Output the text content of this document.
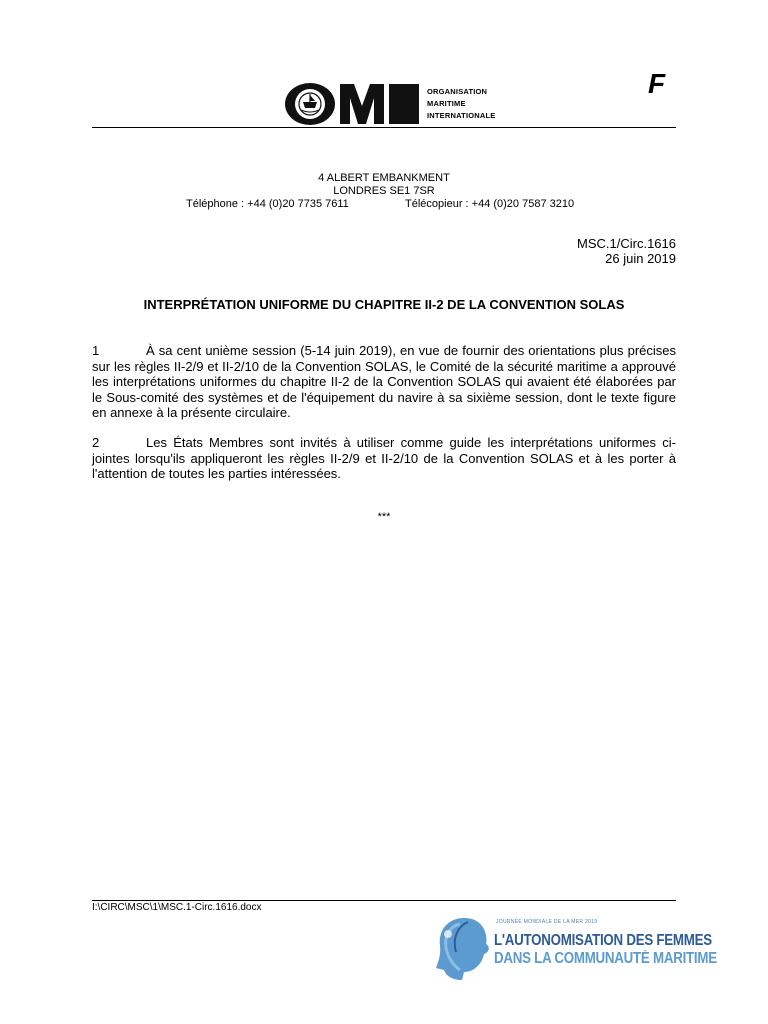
ORGANISATION
MARITIME
INTERNATIONALE
F
4 ALBERT EMBANKMENT
LONDRES SE1 7SR
Téléphone : +44 (0)20 7735 7611	Télécopieur : +44 (0)20 7587 3210
MSC.1/Circ.1616
26 juin 2019
INTERPRÉTATION UNIFORME DU CHAPITRE II-2 DE LA CONVENTION SOLAS
1	À sa cent unième session (5-14 juin 2019), en vue de fournir des orientations plus précises sur les règles II-2/9 et II-2/10 de la Convention SOLAS, le Comité de la sécurité maritime a approuvé les interprétations uniformes du chapitre II-2 de la Convention SOLAS qui avaient été élaborées par le Sous-comité des systèmes et de l'équipement du navire à sa sixième session, dont le texte figure en annexe à la présente circulaire.
2	Les États Membres sont invités à utiliser comme guide les interprétations uniformes ci-jointes lorsqu'ils appliqueront les règles II-2/9 et II-2/10 de la Convention SOLAS et à les porter à l'attention de toutes les parties intéressées.
***
I:\CIRC\MSC\1\MSC.1-Circ.1616.docx
JOURNÉE MONDIALE DE LA MER 2019
L'AUTONOMISATION DES FEMMES
DANS LA COMMUNAUTÉ MARITIME
